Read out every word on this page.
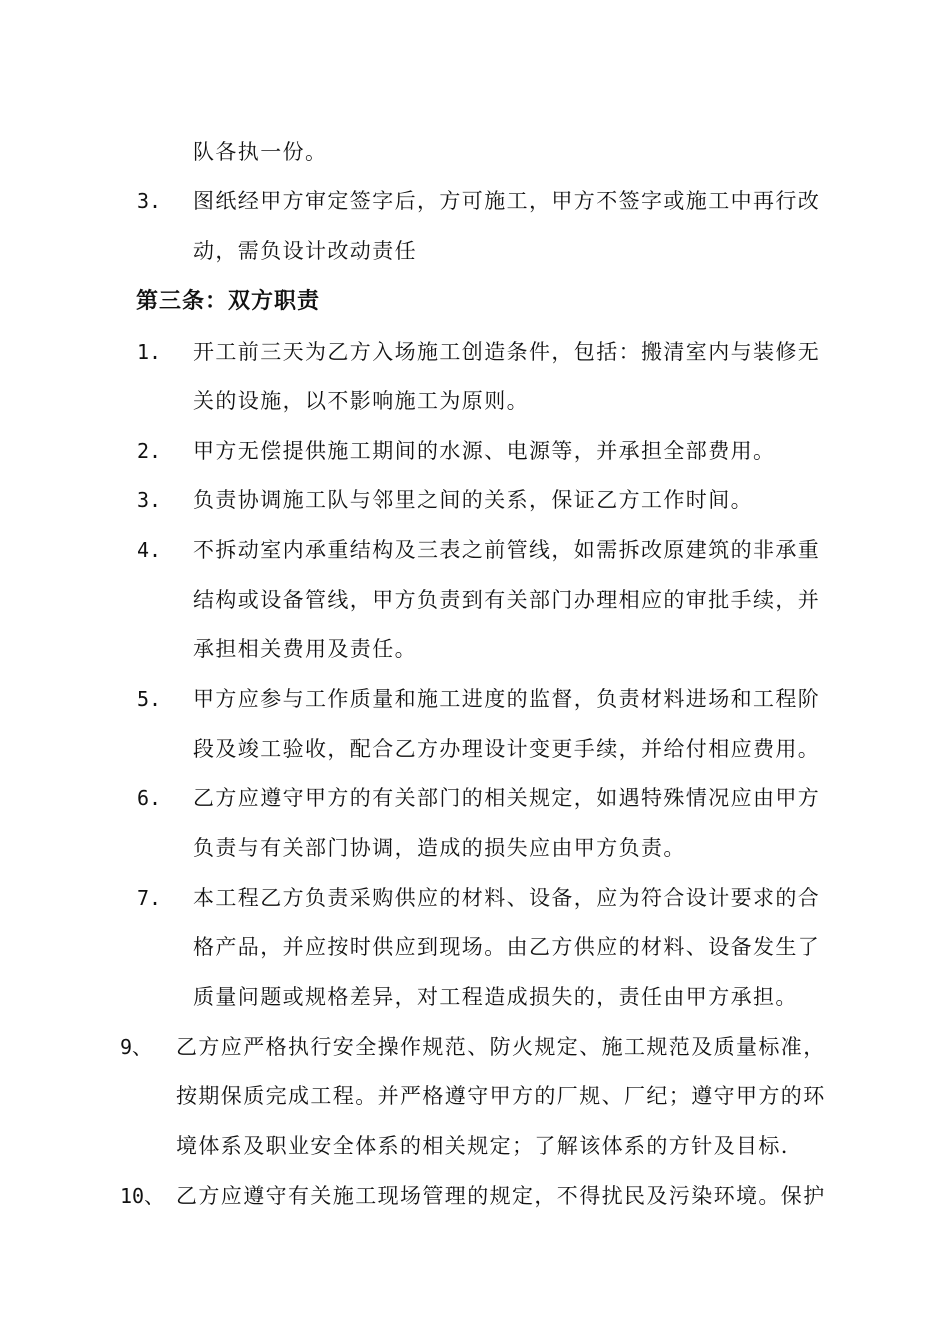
队各执一份。
3. 图纸经甲方审定签字后，方可施工，甲方不签字或施工中再行改
动，需负设计改动责任
第三条：双方职责
1. 开工前三天为乙方入场施工创造条件，包括：搬清室内与装修无
关的设施，以不影响施工为原则。
2. 甲方无偿提供施工期间的水源、电源等，并承担全部费用。
3. 负责协调施工队与邻里之间的关系，保证乙方工作时间。
4. 不拆动室内承重结构及三表之前管线，如需拆改原建筑的非承重
结构或设备管线，甲方负责到有关部门办理相应的审批手续，并
承担相关费用及责任。
5. 甲方应参与工作质量和施工进度的监督，负责材料进场和工程阶
段及竣工验收，配合乙方办理设计变更手续，并给付相应费用。
6. 乙方应遵守甲方的有关部门的相关规定，如遇特殊情况应由甲方
负责与有关部门协调，造成的损失应由甲方负责。
7. 本工程乙方负责采购供应的材料、设备，应为符合设计要求的合
格产品，并应按时供应到现场。由乙方供应的材料、设备发生了
质量问题或规格差异，对工程造成损失的，责任由甲方承担。
9、 乙方应严格执行安全操作规范、防火规定、施工规范及质量标准，
按期保质完成工程。并严格遵守甲方的厂规、厂纪；遵守甲方的环
境体系及职业安全体系的相关规定；了解该体系的方针及目标.
10、 乙方应遵守有关施工现场管理的规定，不得扰民及污染环境。保护
